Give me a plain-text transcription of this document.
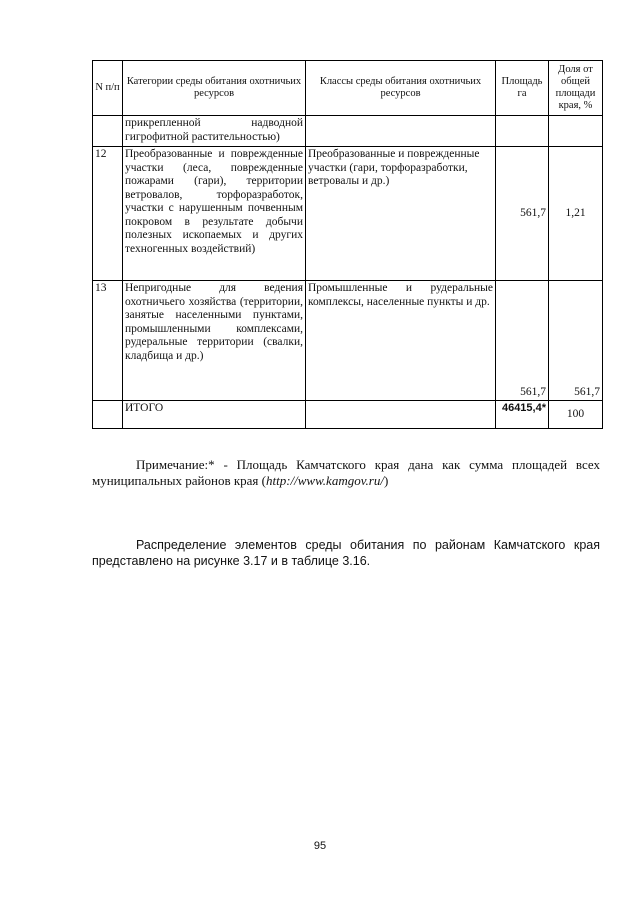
N п/п	Категории среды обитания охотничьих ресурсов	Классы среды обитания охотничьих ресурсов	Площадь га	Доля от общей площади края, %
	прикрепленной надводной гигрофитной растительностью)			
12	Преобразованные и поврежденные участки (леса, поврежденные пожарами (гари), территории ветровалов, торфоразработок, участки с нарушенным почвенным покровом в результате добычи полезных ископаемых и других техногенных воздействий)	Преобразованные и поврежденные участки (гари, торфоразработки, ветровалы и др.)	561,7	1,21
13	Непригодные для ведения охотничьего хозяйства (территории, занятые населенными пунктами, промышленными комплексами, рудеральные территории (свалки, кладбища и др.)	Промышленные и рудеральные комплексы, населенные пункты и др.	561,7	561,7
	ИТОГО		46415,4*	100
Примечание:* - Площадь Камчатского края дана как сумма площадей всех муниципальных районов края (http://www.kamgov.ru/)
Распределение элементов среды обитания по районам Камчатского края представлено на рисунке 3.17 и в таблице 3.16.
95
